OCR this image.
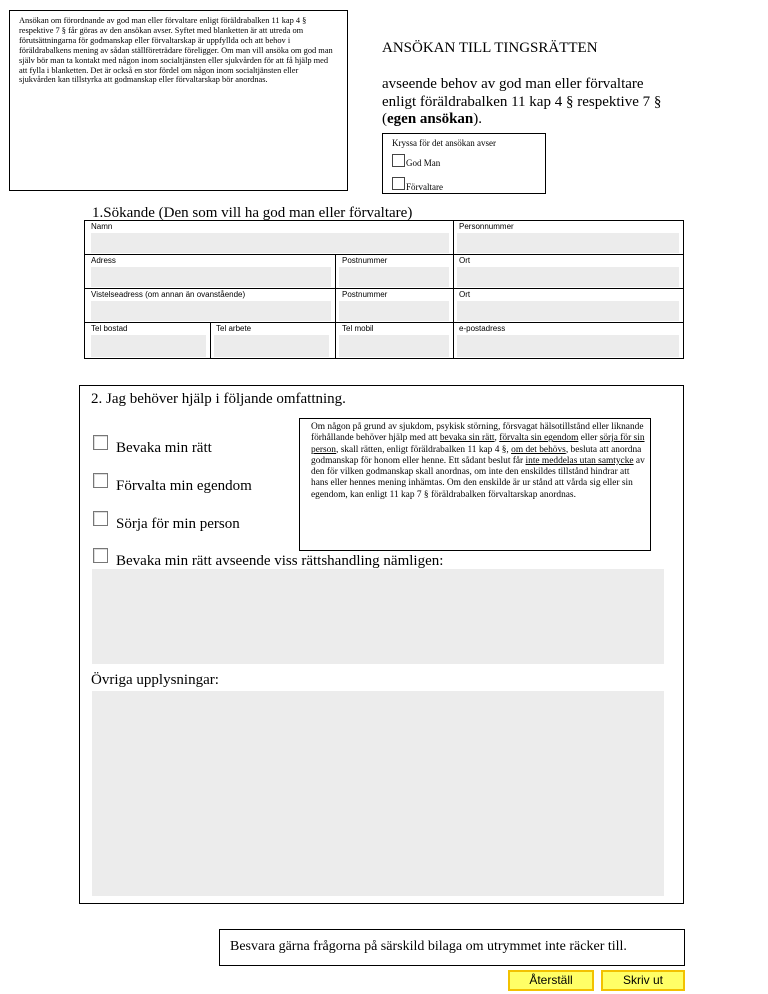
Ansökan om förordnande av god man eller förvaltare enligt föräldrabalken 11 kap 4 § respektive 7 § får göras av den ansökan avser. Syftet med blanketten är att utreda om förutsättningarna för godmanskap eller förvaltarskap är uppfyllda och att behov i föräldrabalkens mening av sådan ställföreträdare föreligger. Om man vill ansöka om god man själv bör man ta kontakt med någon inom socialtjänsten eller sjukvården för att få hjälp med att fylla i blanketten. Det är också en stor fördel om någon inom socialtjänsten eller sjukvården kan tillstyrka att godmanskap eller förvaltarskap bör anordnas.
ANSÖKAN TILL TINGSRÄTTEN
avseende behov av god man eller förvaltare
enligt föräldrabalken 11 kap 4 § respektive 7 §
(egen ansökan).
Kryssa för det ansökan avser
God Man
Förvaltare
1.Sökande (Den som vill ha god man eller förvaltare)
Namn	Personnummer
Adress	Postnummer	Ort
Vistelseadress (om annan än ovanstående)	Postnummer	Ort
Tel bostad	Tel arbete	Tel mobil	e-postadress
2. Jag behöver hjälp i följande omfattning.
Bevaka min rätt
Förvalta min egendom
Sörja för min person
Bevaka min rätt avseende viss rättshandling nämligen:
Övriga upplysningar:
Om någon på grund av sjukdom, psykisk störning, försvagat hälsotillstånd eller liknande förhållande behöver hjälp med att bevaka sin rätt, förvalta sin egendom eller sörja för sin person, skall rätten, enligt föräldrabalken 11 kap 4 §, om det behövs, besluta att anordna godmanskap för honom eller henne. Ett sådant beslut får inte meddelas utan samtycke av den för vilken godmanskap skall anordnas, om inte den enskildes tillstånd hindrar att hans eller hennes mening inhämtas. Om den enskilde är ur stånd att vårda sig eller sin egendom, kan enligt 11 kap 7 § föräldrabalken förvaltarskap anordnas.
Besvara gärna frågorna på särskild bilaga om utrymmet inte räcker till.
Återställ	Skriv ut
